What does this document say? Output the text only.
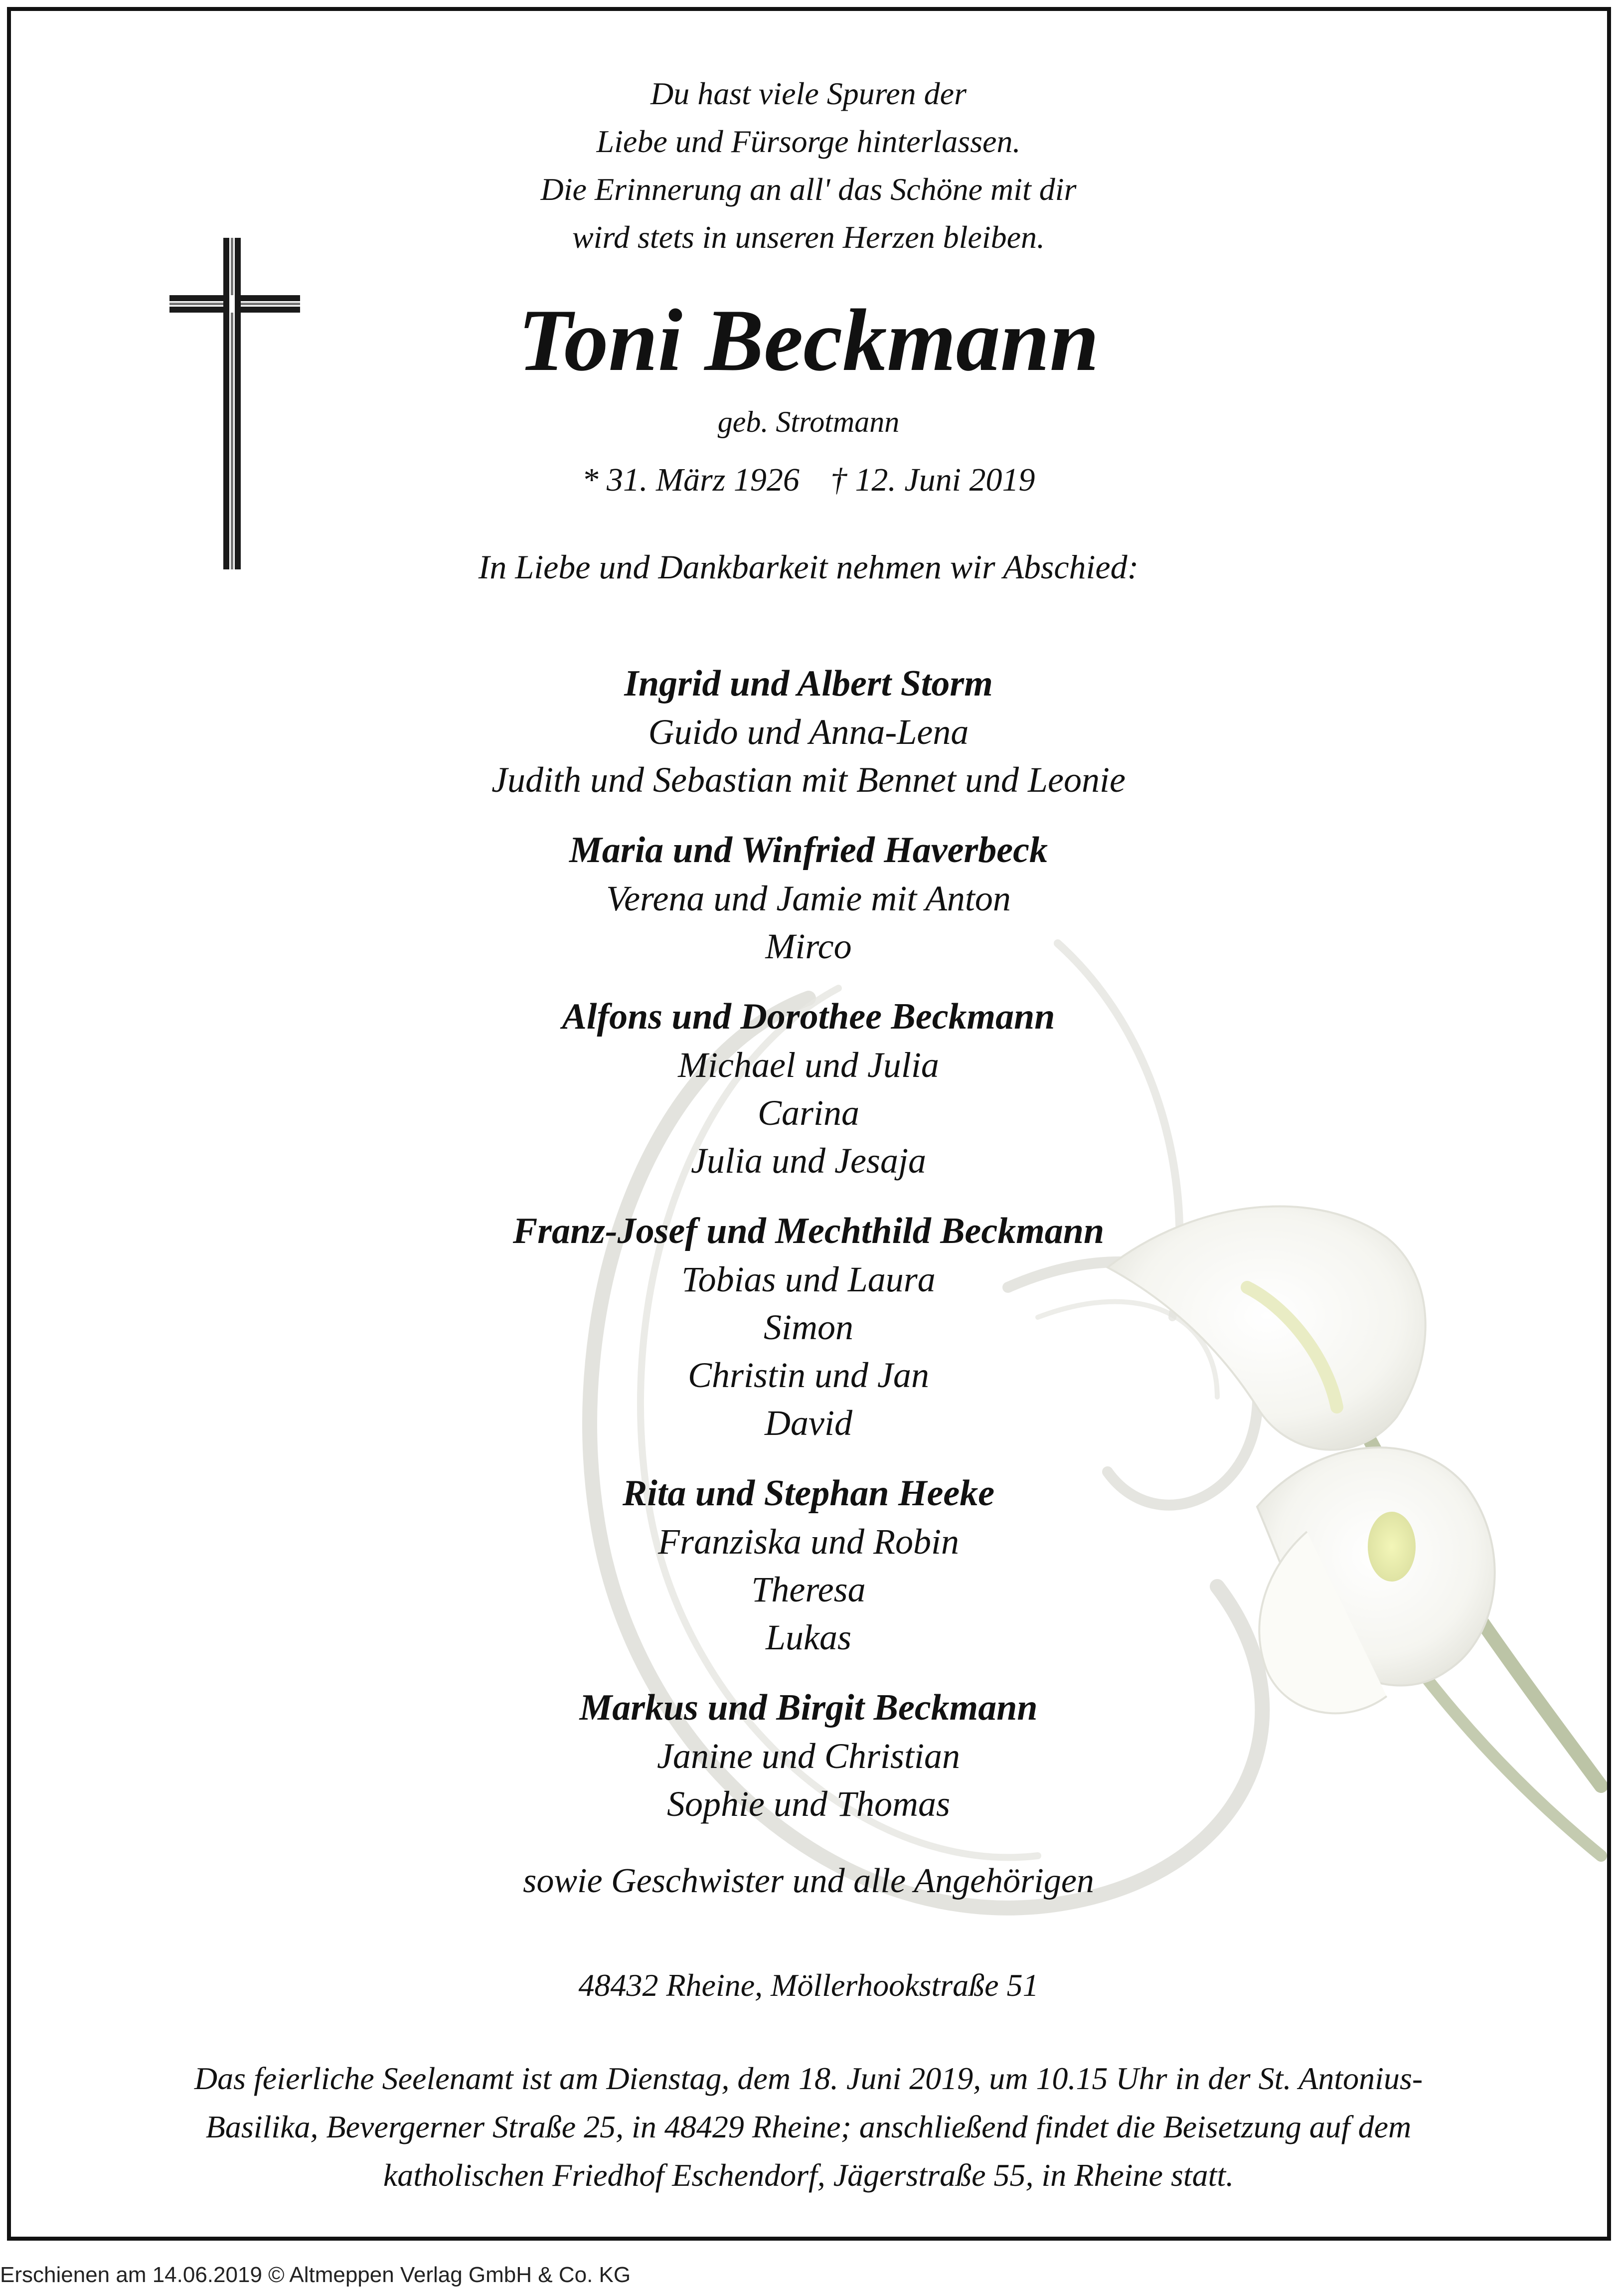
Du hast viele Spuren der
Liebe und Fürsorge hinterlassen.
Die Erinnerung an all' das Schöne mit dir
wird stets in unseren Herzen bleiben.
Toni Beckmann
geb. Strotmann
* 31. März 1926 † 12. Juni 2019
In Liebe und Dankbarkeit nehmen wir Abschied:
Ingrid und Albert Storm
Guido und Anna-Lena
Judith und Sebastian mit Bennet und Leonie
Maria und Winfried Haverbeck
Verena und Jamie mit Anton
Mirco
Alfons und Dorothee Beckmann
Michael und Julia
Carina
Julia und Jesaja
Franz-Josef und Mechthild Beckmann
Tobias und Laura
Simon
Christin und Jan
David
Rita und Stephan Heeke
Franziska und Robin
Theresa
Lukas
Markus und Birgit Beckmann
Janine und Christian
Sophie und Thomas
sowie Geschwister und alle Angehörigen
48432 Rheine, Möllerhookstraße 51
Das feierliche Seelenamt ist am Dienstag, dem 18. Juni 2019, um 10.15 Uhr in der St. Antonius-
Basilika, Bevergerner Straße 25, in 48429 Rheine; anschließend findet die Beisetzung auf dem
katholischen Friedhof Eschendorf, Jägerstraße 55, in Rheine statt.
Erschienen am 14.06.2019 © Altmeppen Verlag GmbH & Co. KG
